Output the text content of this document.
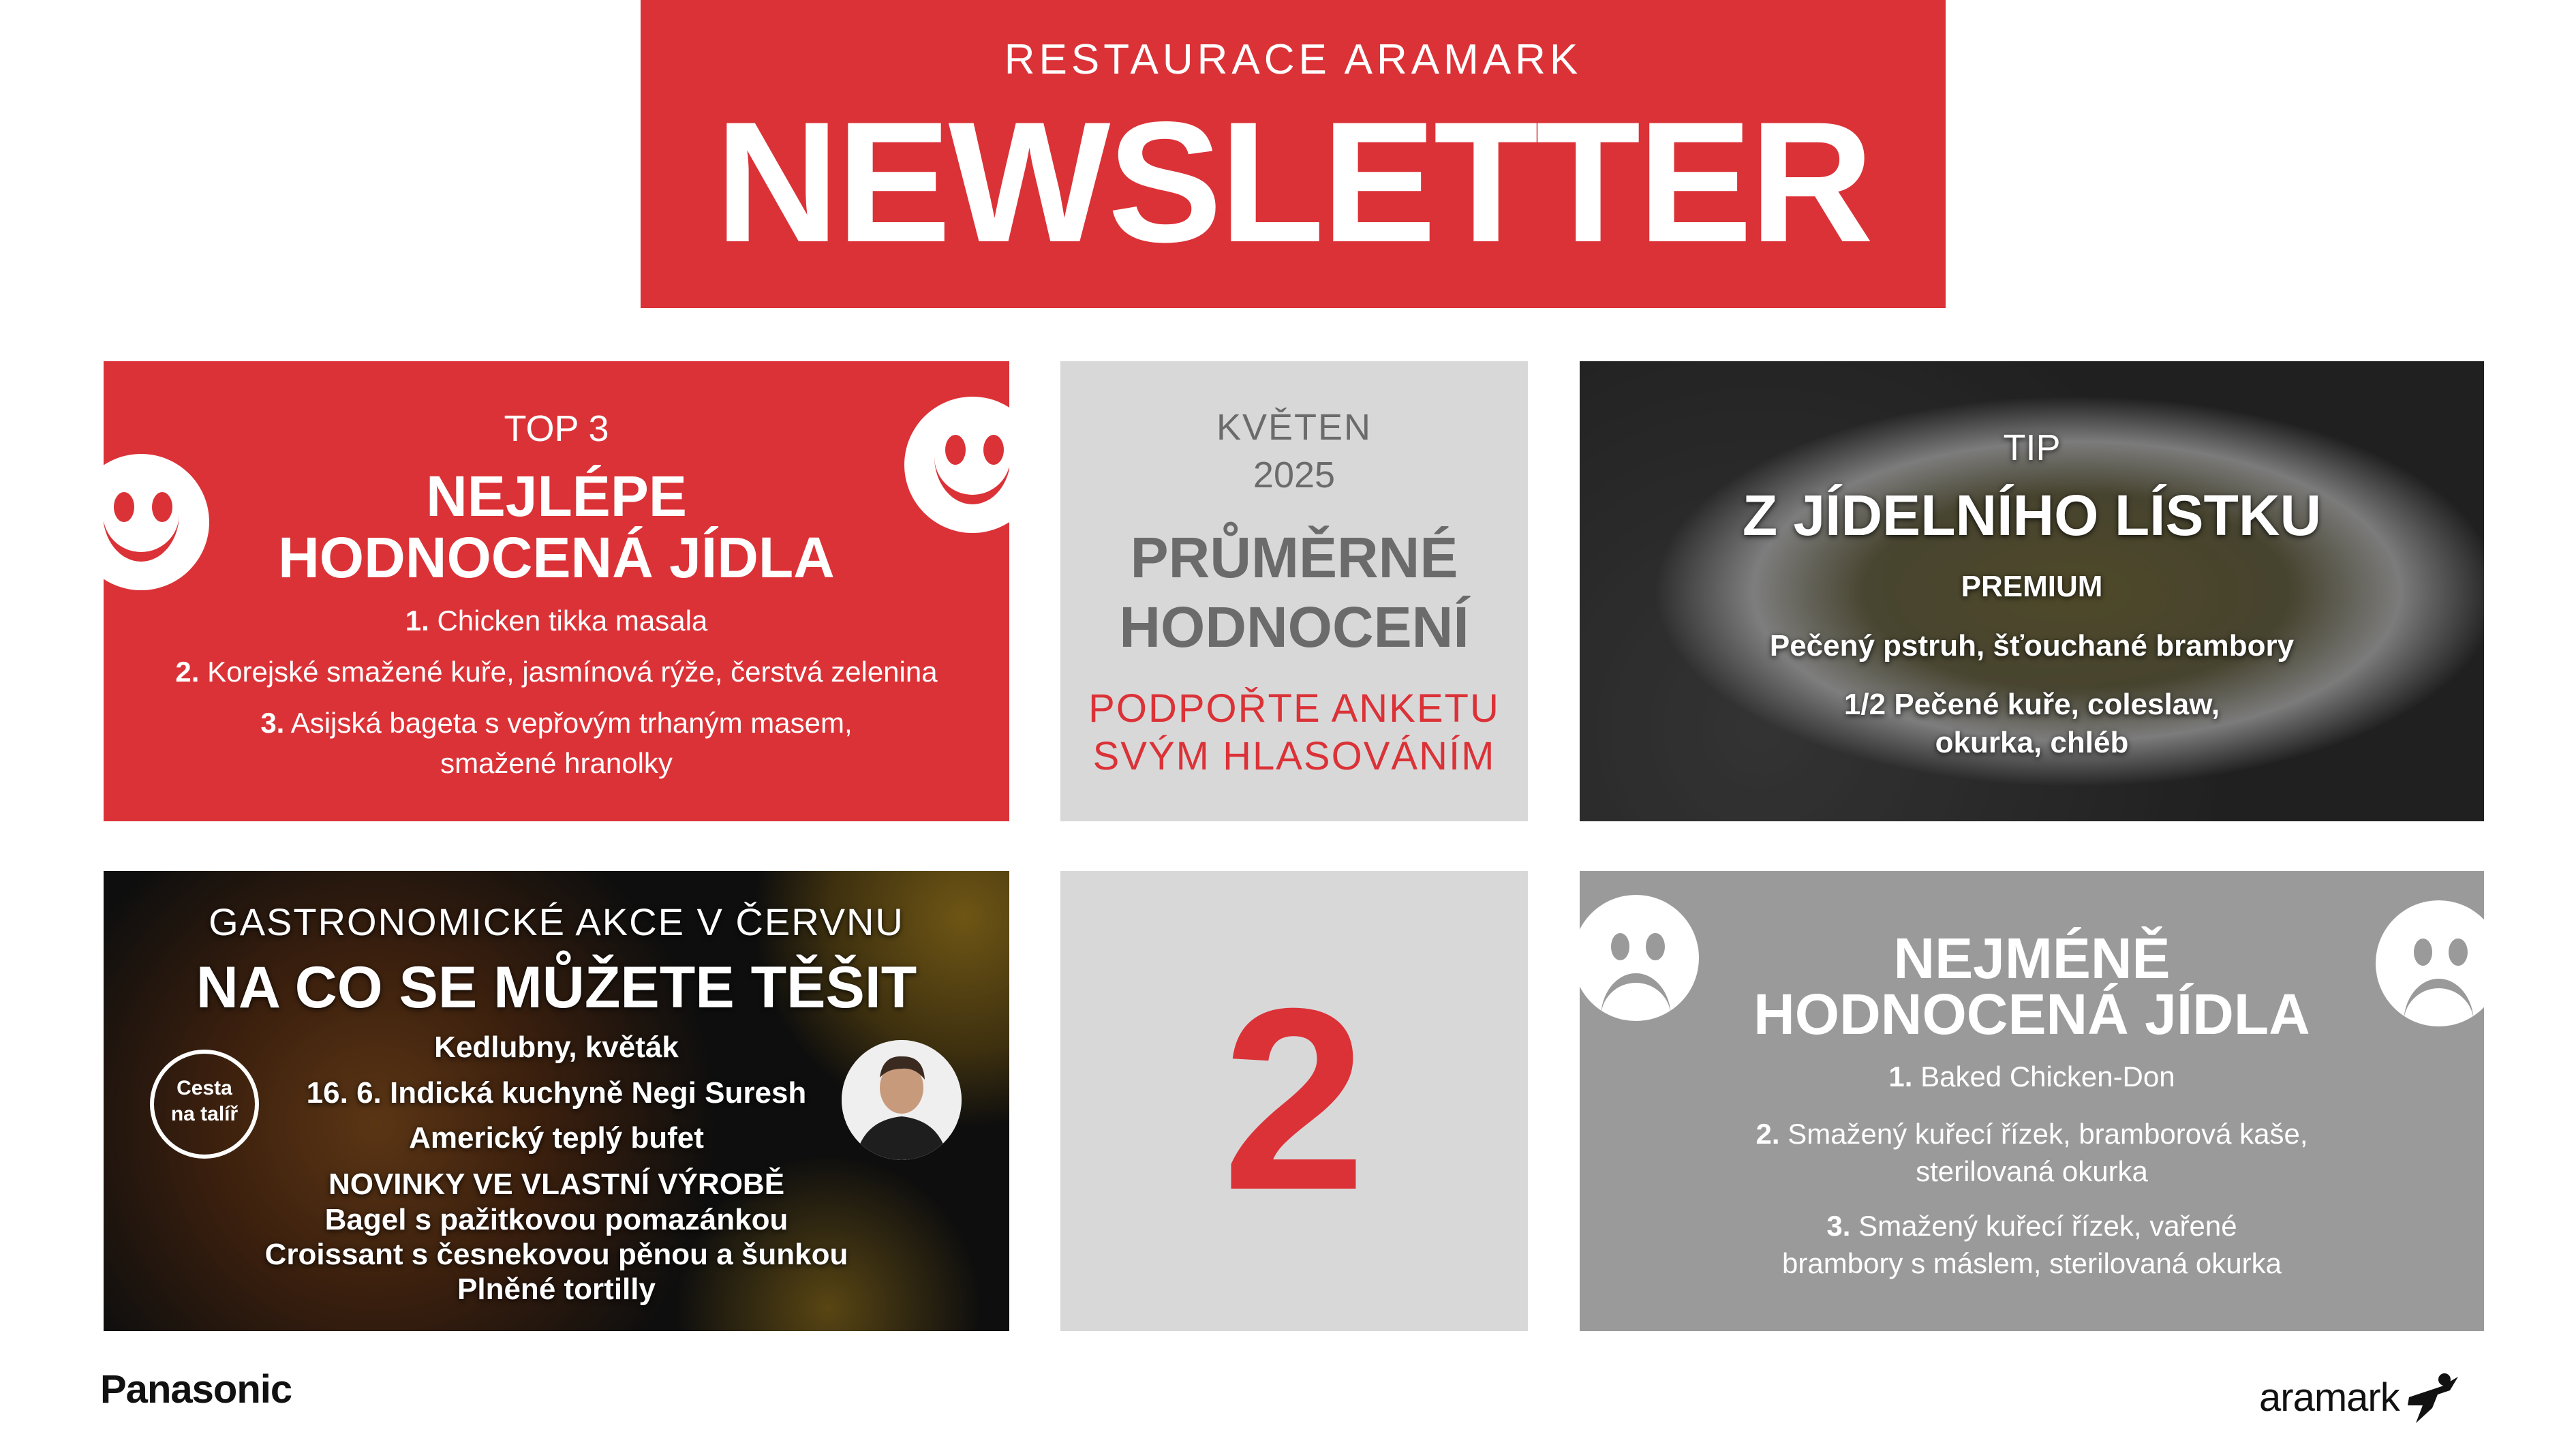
RESTAURACE ARAMARK
NEWSLETTER
TOP 3
NEJLÉPE
HODNOCENÁ JÍDLA
1. Chicken tikka masala
2. Korejské smažené kuře, jasmínová rýže, čerstvá zelenina
3. Asijská bageta s vepřovým trhaným masem,
smažené hranolky
KVĚTEN
2025
PRŮMĚRNÉ
HODNOCENÍ
PODPOŘTE ANKETU
SVÝM HLASOVÁNÍM
TIP
Z JÍDELNÍHO LÍSTKU
PREMIUM
Pečený pstruh, šťouchané brambory
1/2 Pečené kuře, coleslaw,
okurka, chléb
GASTRONOMICKÉ AKCE V ČERVNU
NA CO SE MŮŽETE TĚŠIT
Kedlubny, květák
16. 6. Indická kuchyně Negi Suresh
Americký teplý bufet
NOVINKY VE VLASTNÍ VÝROBĚ
Bagel s pažitkovou pomazánkou
Croissant s česnekovou pěnou a šunkou
Plněné tortilly
Cesta
na talíř	2	NEJMÉNĚ
HODNOCENÁ JÍDLA
1. Baked Chicken-Don
2. Smažený kuřecí řízek, bramborová kaše,
sterilovaná okurka
3. Smažený kuřecí řízek, vařené
brambory s máslem, sterilovaná okurka
Panasonic	aramark
